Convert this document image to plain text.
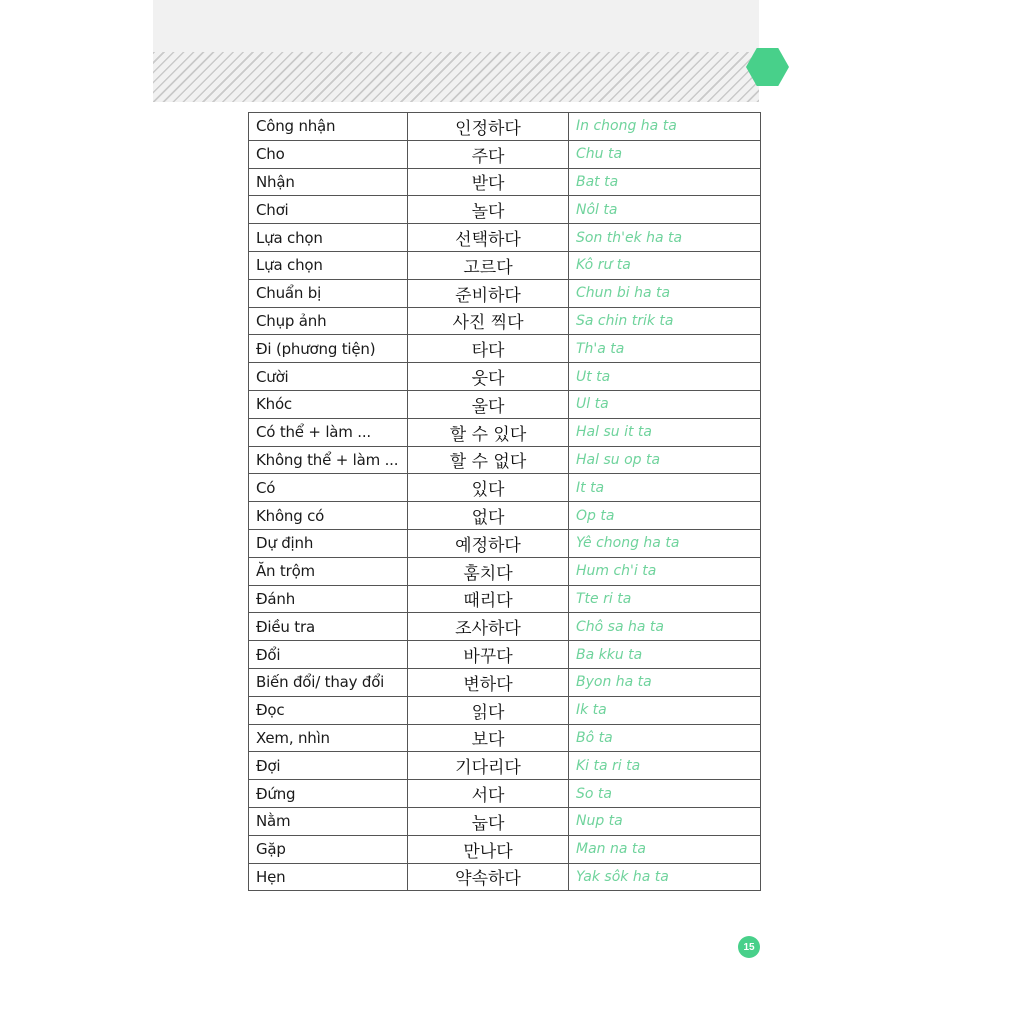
Công nhận	인정하다	In chong ha ta
Cho	주다	Chu ta
Nhận	받다	Bat ta
Chơi	놀다	Nôl ta
Lựa chọn	선택하다	Son th'ek ha ta
Lựa chọn	고르다	Kô rư ta
Chuẩn bị	준비하다	Chun bi ha ta
Chụp ảnh	사진 찍다	Sa chin trik ta
Đi (phương tiện)	타다	Th'a ta
Cười	웃다	Ut ta
Khóc	울다	Ul ta
Có thể + làm ...	할 수 있다	Hal su it ta
Không thể + làm ...	할 수 없다	Hal su op ta
Có	있다	It ta
Không có	없다	Op ta
Dự định	예정하다	Yê chong ha ta
Ăn trộm	훔치다	Hum ch'i ta
Đánh	때리다	Tte ri ta
Điều tra	조사하다	Chô sa ha ta
Đổi	바꾸다	Ba kku ta
Biến đổi/ thay đổi	변하다	Byon ha ta
Đọc	읽다	Ik ta
Xem, nhìn	보다	Bô ta
Đợi	기다리다	Ki ta ri ta
Đứng	서다	So ta
Nằm	눕다	Nup ta
Gặp	만나다	Man na ta
Hẹn	약속하다	Yak sôk ha ta
15
